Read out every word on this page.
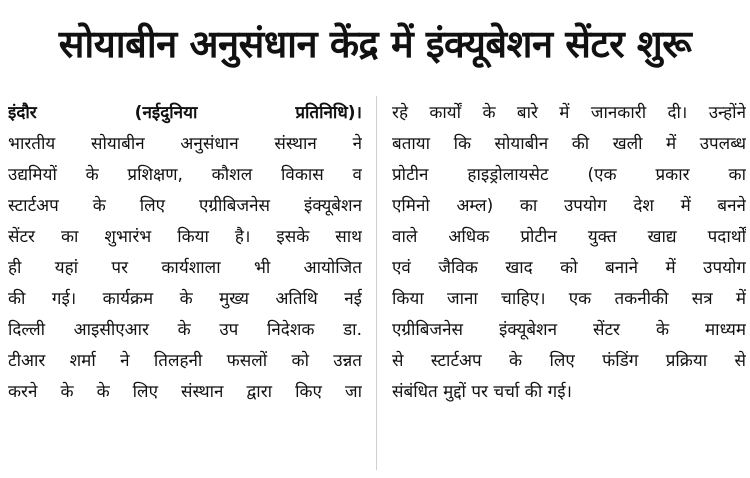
सोयाबीन अनुसंधान केंद्र में इंक्यूबेशन सेंटर शुरू
इंदौर (नईदुनिया प्रतिनिधि)।
भारतीय सोयाबीन अनुसंधान संस्थान ने
उद्यमियों के प्रशिक्षण, कौशल विकास व
स्टार्टअप के लिए एग्रीबिजनेस इंक्यूबेशन
सेंटर का शुभारंभ किया है। इसके साथ
ही यहां पर कार्यशाला भी आयोजित
की गई। कार्यक्रम के मुख्य अतिथि नई
दिल्ली आइसीएआर के उप निदेशक डा.
टीआर शर्मा ने तिलहनी फसलों को उन्नत
करने के के लिए संस्थान द्वारा किए जा
रहे कार्यों के बारे में जानकारी दी। उन्होंने
बताया कि सोयाबीन की खली में उपलब्ध
प्रोटीन हाइड्रोलायसेट (एक प्रकार का
एमिनो अम्ल) का उपयोग देश में बनने
वाले अधिक प्रोटीन युक्त खाद्य पदार्थों
एवं जैविक खाद को बनाने में उपयोग
किया जाना चाहिए। एक तकनीकी सत्र में
एग्रीबिजनेस इंक्यूबेशन सेंटर के माध्यम
से स्टार्टअप के लिए फंडिंग प्रक्रिया से
संबंधित मुद्दों पर चर्चा की गई।
